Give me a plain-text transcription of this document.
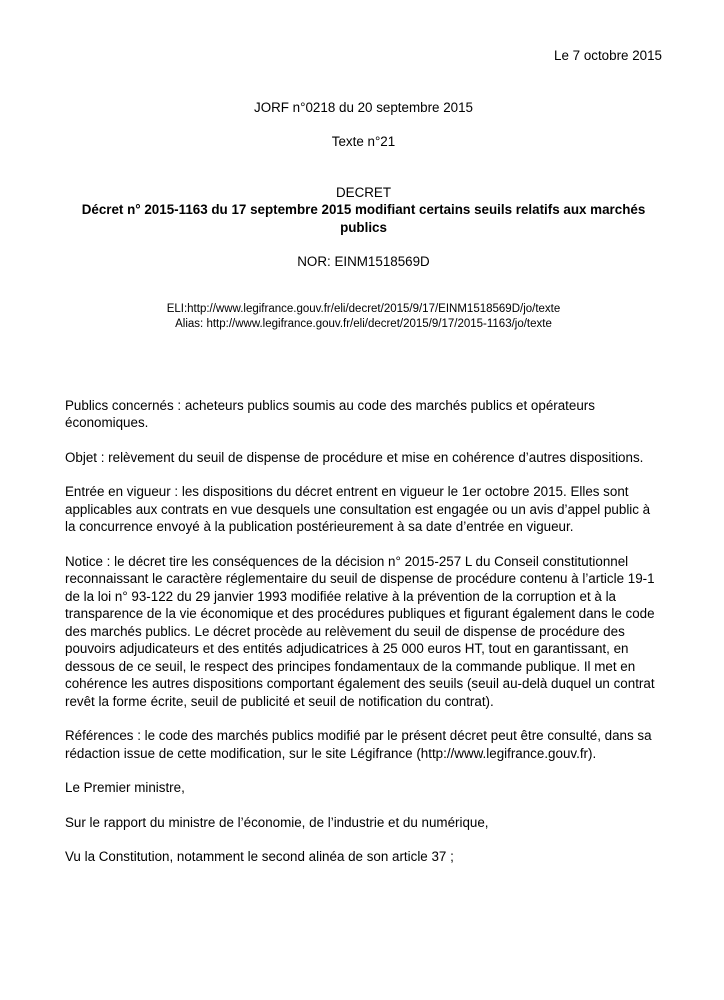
Le 7 octobre 2015
JORF n°0218 du 20 septembre 2015
Texte n°21
DECRET
Décret n° 2015-1163 du 17 septembre 2015 modifiant certains seuils relatifs aux marchés publics
NOR: EINM1518569D
ELI:http://www.legifrance.gouv.fr/eli/decret/2015/9/17/EINM1518569D/jo/texte
Alias: http://www.legifrance.gouv.fr/eli/decret/2015/9/17/2015-1163/jo/texte

Publics concernés : acheteurs publics soumis au code des marchés publics et opérateurs économiques.

Objet : relèvement du seuil de dispense de procédure et mise en cohérence d’autres dispositions.

Entrée en vigueur : les dispositions du décret entrent en vigueur le 1er octobre 2015. Elles sont applicables aux contrats en vue desquels une consultation est engagée ou un avis d’appel public à la concurrence envoyé à la publication postérieurement à sa date d’entrée en vigueur.

Notice : le décret tire les conséquences de la décision n° 2015-257 L du Conseil constitutionnel reconnaissant le caractère réglementaire du seuil de dispense de procédure contenu à l’article 19-1 de la loi n° 93-122 du 29 janvier 1993 modifiée relative à la prévention de la corruption et à la transparence de la vie économique et des procédures publiques et figurant également dans le code des marchés publics. Le décret procède au relèvement du seuil de dispense de procédure des pouvoirs adjudicateurs et des entités adjudicatrices à 25 000 euros HT, tout en garantissant, en dessous de ce seuil, le respect des principes fondamentaux de la commande publique. Il met en cohérence les autres dispositions comportant également des seuils (seuil au-delà duquel un contrat revêt la forme écrite, seuil de publicité et seuil de notification du contrat).

Références : le code des marchés publics modifié par le présent décret peut être consulté, dans sa rédaction issue de cette modification, sur le site Légifrance (http://www.legifrance.gouv.fr).

Le Premier ministre,

Sur le rapport du ministre de l’économie, de l’industrie et du numérique,

Vu la Constitution, notamment le second alinéa de son article 37 ;
